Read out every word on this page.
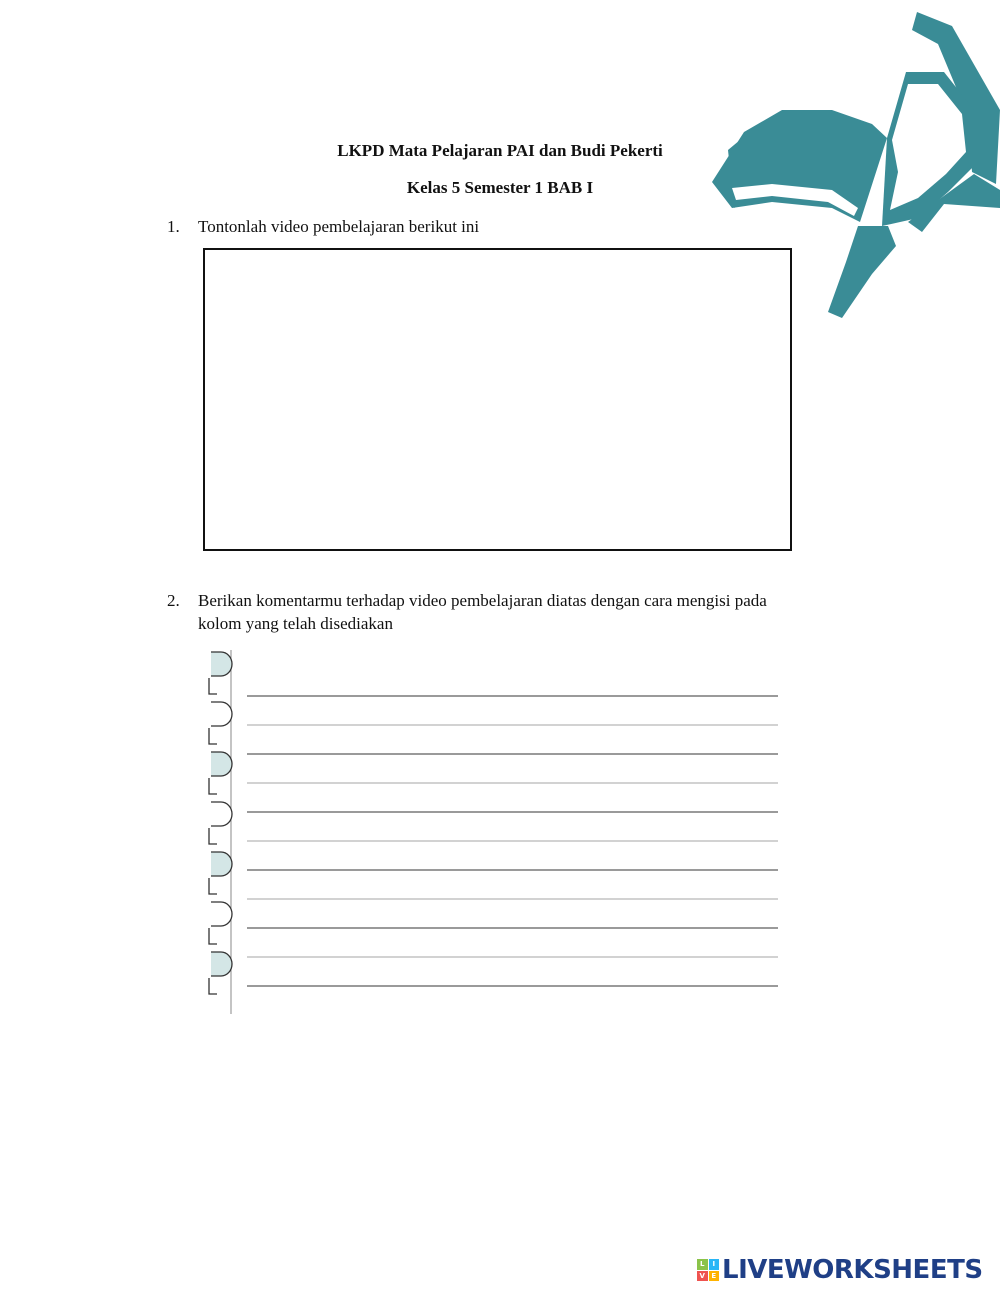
LKPD Mata Pelajaran PAI dan Budi Pekerti
Kelas 5 Semester 1 BAB I
1. Tontonlah video pembelajaran berikut ini
2. Berikan komentarmu terhadap video pembelajaran diatas dengan cara mengisi pada
kolom yang telah disediakan
L	I
V E LIVEWORKSHEETS
